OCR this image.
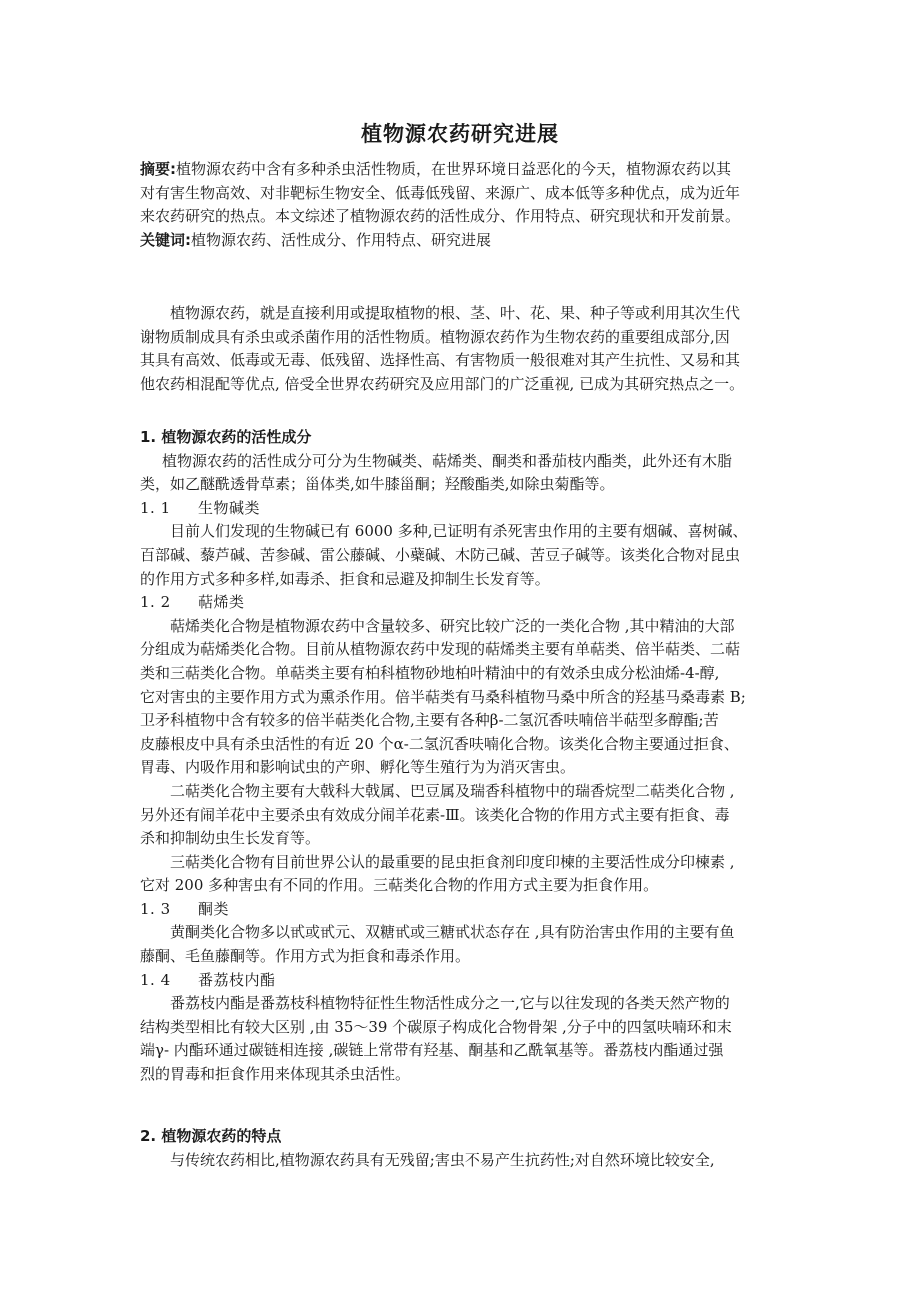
植物源农药研究进展
摘要:植物源农药中含有多种杀虫活性物质，在世界环境日益恶化的今天，植物源农药以其
对有害生物高效、对非靶标生物安全、低毒低残留、来源广、成本低等多种优点，成为近年
来农药研究的热点。本文综述了植物源农药的活性成分、作用特点、研究现状和开发前景。
关键词:植物源农药、活性成分、作用特点、研究进展
植物源农药，就是直接利用或提取植物的根、茎、叶、花、果、种子等或利用其次生代
谢物质制成具有杀虫或杀菌作用的活性物质。植物源农药作为生物农药的重要组成部分,因
其具有高效、低毒或无毒、低残留、选择性高、有害物质一般很难对其产生抗性、又易和其
他农药相混配等优点, 倍受全世界农药研究及应用部门的广泛重视, 已成为其研究热点之一。
1. 植物源农药的活性成分
植物源农药的活性成分可分为生物碱类、萜烯类、酮类和番茄枝内酯类，此外还有木脂
类，如乙醚酰透骨草素；甾体类,如牛膝甾酮；羟酸酯类,如除虫菊酯等。
1. 1 生物碱类
目前人们发现的生物碱已有 6000 多种,已证明有杀死害虫作用的主要有烟碱、喜树碱、
百部碱、藜芦碱、苦参碱、雷公藤碱、小蘗碱、木防己碱、苦豆子碱等。该类化合物对昆虫
的作用方式多种多样,如毒杀、拒食和忌避及抑制生长发育等。
1. 2 萜烯类
萜烯类化合物是植物源农药中含量较多、研究比较广泛的一类化合物 ,其中精油的大部
分组成为萜烯类化合物。目前从植物源农药中发现的萜烯类主要有单萜类、倍半萜类、二萜
类和三萜类化合物。单萜类主要有柏科植物砂地柏叶精油中的有效杀虫成分松油烯-4-醇,
它对害虫的主要作用方式为熏杀作用。倍半萜类有马桑科植物马桑中所含的羟基马桑毒素 B;
卫矛科植物中含有较多的倍半萜类化合物,主要有各种β-二氢沉香呋喃倍半萜型多醇酯;苦
皮藤根皮中具有杀虫活性的有近 20 个α-二氢沉香呋喃化合物。该类化合物主要通过拒食、
胃毒、内吸作用和影响试虫的产卵、孵化等生殖行为为消灭害虫。
二萜类化合物主要有大戟科大戟属、巴豆属及瑞香科植物中的瑞香烷型二萜类化合物 ,
另外还有闹羊花中主要杀虫有效成分闹羊花素-Ⅲ。该类化合物的作用方式主要有拒食、毒
杀和抑制幼虫生长发育等。
三萜类化合物有目前世界公认的最重要的昆虫拒食剂印度印楝的主要活性成分印楝素 ,
它对 200 多种害虫有不同的作用。三萜类化合物的作用方式主要为拒食作用。
1. 3 酮类
黄酮类化合物多以甙或甙元、双糖甙或三糖甙状态存在 ,具有防治害虫作用的主要有鱼
藤酮、毛鱼藤酮等。作用方式为拒食和毒杀作用。
1. 4 番荔枝内酯
番荔枝内酯是番荔枝科植物特征性生物活性成分之一,它与以往发现的各类天然产物的
结构类型相比有较大区别 ,由 35～39 个碳原子构成化合物骨架 ,分子中的四氢呋喃环和末
端γ- 内酯环通过碳链相连接 ,碳链上常带有羟基、酮基和乙酰氧基等。番荔枝内酯通过强
烈的胃毒和拒食作用来体现其杀虫活性。
2. 植物源农药的特点
与传统农药相比,植物源农药具有无残留;害虫不易产生抗药性;对自然环境比较安全,
